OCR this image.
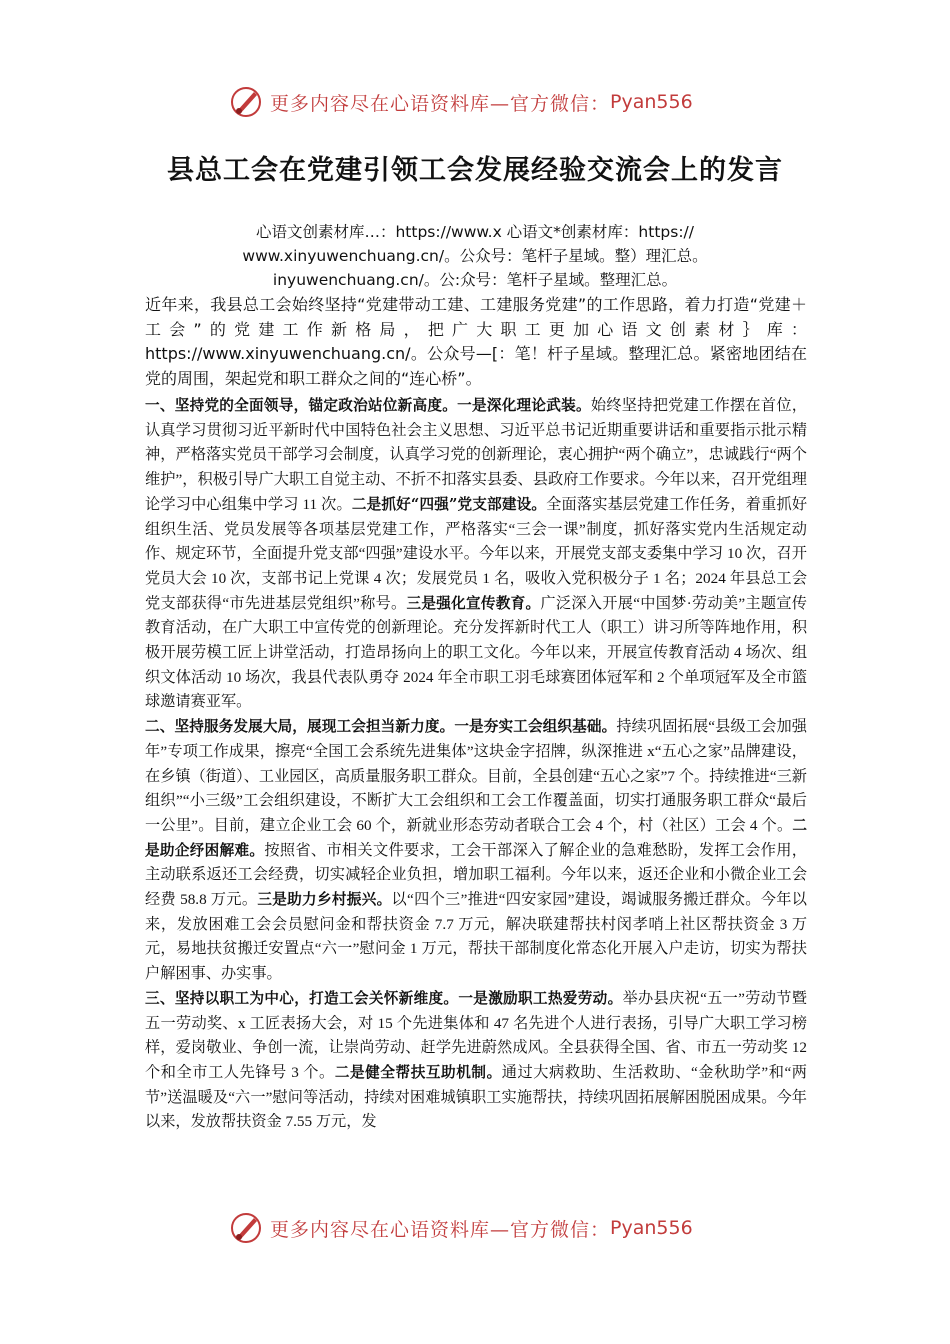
更多内容尽在心语资料库—官方微信： Pyan556
县总工会在党建引领工会发展经验交流会上的发言
心语文创素材库…：https://www.x 心语文*创素材库：https://
www.xinyuwenchuang.cn/。公众号：笔杆子星域。整）理汇总。
inyuwenchuang.cn/。公:众号：笔杆子星域。整理汇总。
近年来，我县总工会始终坚持“党建带动工建、工建服务党建”的工作思路，着力打造“党建＋工会”的党建工作新格局，把广大职工更加心语文创素材｝库：https://www.xinyuwenchuang.cn/。公众号—[：笔！杆子星域。整理汇总。紧密地团结在党的周围，架起党和职工群众之间的“连心桥”。

一、坚持党的全面领导，锚定政治站位新高度。一是深化理论武装。始终坚持把党建工作摆在首位，认真学习贯彻习近平新时代中国特色社会主义思想、习近平总书记近期重要讲话和重要指示批示精神，严格落实党员干部学习会制度，认真学习党的创新理论，衷心拥护“两个确立”，忠诚践行“两个维护”，积极引导广大职工自觉主动、不折不扣落实县委、县政府工作要求。今年以来，召开党组理论学习中心组集中学习 11 次。二是抓好“四强”党支部建设。全面落实基层党建工作任务，着重抓好组织生活、党员发展等各项基层党建工作，严格落实“三会一课”制度，抓好落实党内生活规定动作、规定环节，全面提升党支部“四强”建设水平。今年以来，开展党支部支委集中学习 10 次，召开党员大会 10 次，支部书记上党课 4 次；发展党员 1 名，吸收入党积极分子 1 名；2024 年县总工会党支部获得“市先进基层党组织”称号。三是强化宣传教育。广泛深入开展“中国梦·劳动美”主题宣传教育活动，在广大职工中宣传党的创新理论。充分发挥新时代工人（职工）讲习所等阵地作用，积极开展劳模工匠上讲堂活动，打造昂扬向上的职工文化。今年以来，开展宣传教育活动 4 场次、组织文体活动 10 场次，我县代表队勇夺 2024 年全市职工羽毛球赛团体冠军和 2 个单项冠军及全市篮球邀请赛亚军。

二、坚持服务发展大局，展现工会担当新力度。一是夯实工会组织基础。持续巩固拓展“县级工会加强年”专项工作成果，擦亮“全国工会系统先进集体”这块金字招牌，纵深推进 x“五心之家”品牌建设，在乡镇（街道）、工业园区，高质量服务职工群众。目前，全县创建“五心之家”7 个。持续推进“三新组织”“小三级”工会组织建设，不断扩大工会组织和工会工作覆盖面，切实打通服务职工群众“最后一公里”。目前，建立企业工会 60 个，新就业形态劳动者联合工会 4 个，村（社区）工会 4 个。二是助企纾困解难。按照省、市相关文件要求，工会干部深入了解企业的急难愁盼，发挥工会作用，主动联系返还工会经费，切实减轻企业负担，增加职工福利。今年以来，返还企业和小微企业工会经费 58.8 万元。三是助力乡村振兴。以“四个三”推进“四安家园”建设，竭诚服务搬迁群众。今年以来，发放困难工会会员慰问金和帮扶资金 7.7 万元，解决联建帮扶村闵孝哨上社区帮扶资金 3 万元，易地扶贫搬迁安置点“六一”慰问金 1 万元，帮扶干部制度化常态化开展入户走访，切实为帮扶户解困事、办实事。

三、坚持以职工为中心，打造工会关怀新维度。一是激励职工热爱劳动。举办县庆祝“五一”劳动节暨五一劳动奖、x 工匠表扬大会，对 15 个先进集体和 47 名先进个人进行表扬，引导广大职工学习榜样，爱岗敬业、争创一流，让崇尚劳动、赶学先进蔚然成风。全县获得全国、省、市五一劳动奖 12 个和全市工人先锋号 3 个。二是健全帮扶互助机制。通过大病救助、生活救助、“金秋助学”和“两节”送温暖及“六一”慰问等活动，持续对困难城镇职工实施帮扶，持续巩固拓展解困脱困成果。今年以来，发放帮扶资金 7.55 万元，发

更多内容尽在心语资料库—官方微信： Pyan556
